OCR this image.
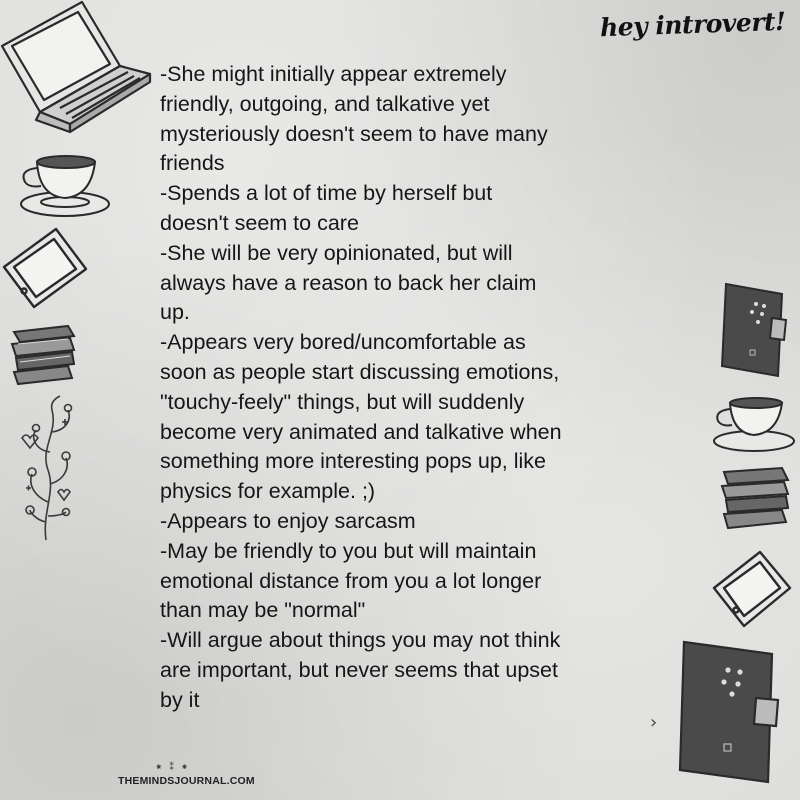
hey introvert!
›
-She might initially appear extremely
friendly, outgoing, and talkative yet
mysteriously doesn't seem to have many
friends
-Spends a lot of time by herself but
doesn't seem to care
-She will be very opinionated, but will
always have a reason to back her claim
up.
-Appears very bored/uncomfortable as
soon as people start discussing emotions,
"touchy-feely" things, but will suddenly
become very animated and talkative when
something more interesting pops up, like
physics for example. ;)
-Appears to enjoy sarcasm
-May be friendly to you but will maintain
emotional distance from you a lot longer
than may be "normal"
-Will argue about things you may not think
are important, but never seems that upset
by it
⁕ ⁑ ⁕
THEMINDSJOURNAL.COM
